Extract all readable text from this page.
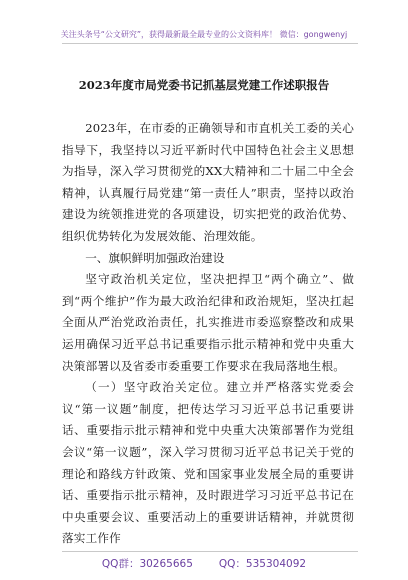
关注头条号“公文研究”，获得最新最全最专业的公文资料库！ 微信：gongwenyj
2023年度市局党委书记抓基层党建工作述职报告

2023年，在市委的正确领导和市直机关工委的关心指导下，我坚持以习近平新时代中国特色社会主义思想为指导，深入学习贯彻党的XX大精神和二十届二中全会精神，认真履行局党建“第一责任人”职责，坚持以政治建设为统领推进党的各项建设，切实把党的政治优势、组织优势转化为发展效能、治理效能。

一、旗帜鲜明加强政治建设

坚守政治机关定位，坚决把捍卫“两个确立”、做到“两个维护”作为最大政治纪律和政治规矩，坚决扛起全面从严治党政治责任，扎实推进市委巡察整改和成果运用确保习近平总书记重要指示批示精神和党中央重大决策部署以及省委市委重要工作要求在我局落地生根。

（一）坚守政治关定位。建立并严格落实党委会议“第一议题”制度，把传达学习习近平总书记重要讲话、重要指示批示精神和党中央重大决策部署作为党组会议“第一议题”，深入学习贯彻习近平总书记关于党的理论和路线方针政策、党和国家事业发展全局的重要讲话、重要指示批示精神，及时跟进学习习近平总书记在中央重要会议、重要活动上的重要讲话精神，并就贯彻落实工作作

QQ群：30265665 QQ：535304092
